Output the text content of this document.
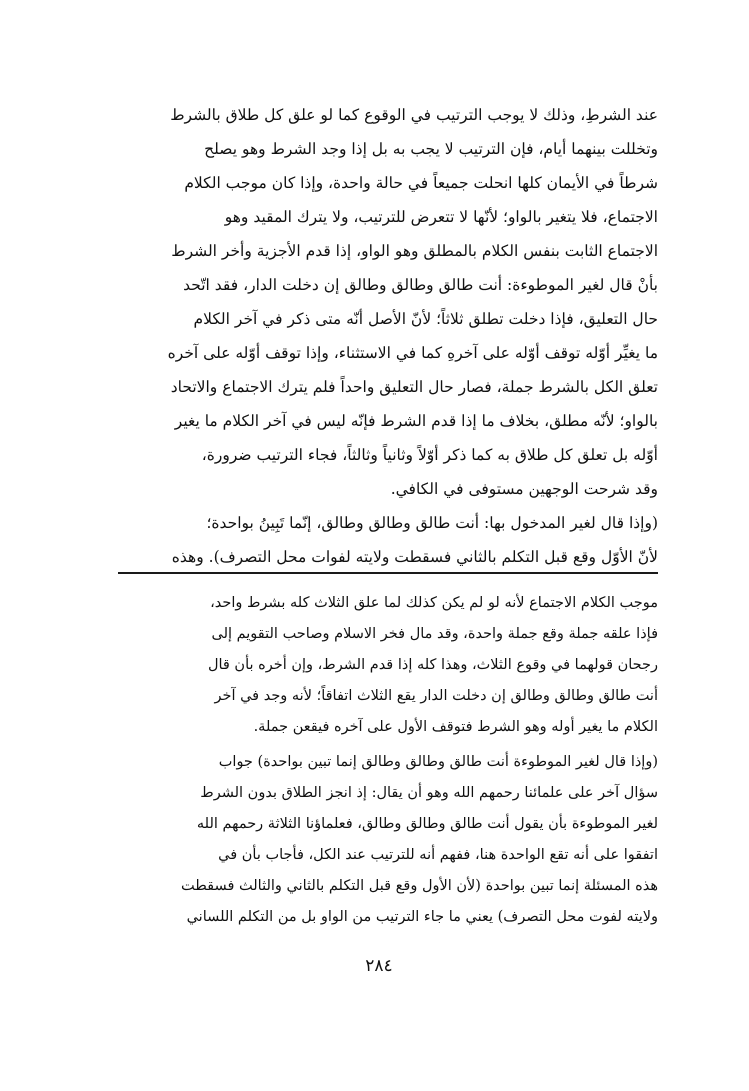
عند الشرطِ، وذلك لا يوجب الترتيب في الوقوع كما لو علق كل طلاق بالشرط
وتخللت بينهما أيام، فإن الترتيب لا يجب به بل إذا وجد الشرط وهو يصلح
شرطاً في الأيمان كلها انحلت جميعاً في حالة واحدة، وإذا كان موجب الكلام
الاجتماع، فلا يتغير بالواو؛ لأنّها لا تتعرض للترتيب، ولا يترك المقيد وهو
الاجتماع الثابت بنفس الكلام بالمطلق وهو الواو، إذا قدم الأجزية وأخر الشرط
بأنْ قال لغير الموطوءة: أنت طالق وطالق وطالق إن دخلت الدار، فقد اتّحد
حال التعليق، فإذا دخلت تطلق ثلاثاً؛ لأنّ الأصل أنّه متى ذكر في آخر الكلام
ما يغيِّر أوّله توقف أوّله على آخرهِ كما في الاستثناء، وإذا توقف أوّله على آخره
تعلق الكل بالشرط جملة، فصار حال التعليق واحداً فلم يترك الاجتماع والاتحاد
بالواو؛ لأنّه مطلق، بخلاف ما إذا قدم الشرط فإنّه ليس في آخر الكلام ما يغير
أوّله بل تعلق كل طلاق به كما ذكر أوّلاً وثانياً وثالثاً، فجاء الترتيب ضرورة،
وقد شرحت الوجهين مستوفى في الكافي.
(وإذا قال لغير المدخول بها: أنت طالق وطالق وطالق، إنّما تَبِينُ بواحدة؛
لأنّ الأوّل وقع قبل التكلم بالثاني فسقطت ولايته لفوات محل التصرف). وهذه
موجب الكلام الاجتماع لأنه لو لم يكن كذلك لما علق الثلاث كله بشرط واحد،
فإذا علقه جملة وقع جملة واحدة، وقد مال فخر الاسلام وصاحب التقويم إلى
رجحان قولهما في وقوع الثلاث، وهذا كله إذا قدم الشرط، وإن أخره بأن قال
أنت طالق وطالق وطالق إن دخلت الدار يقع الثلاث اتفاقاً؛ لأنه وجد في آخر
الكلام ما يغير أوله وهو الشرط فتوقف الأول على آخره فيقعن جملة.
(وإذا قال لغير الموطوءة أنت طالق وطالق وطالق إنما تبين بواحدة) جواب
سؤال آخر على علمائنا رحمهم الله وهو أن يقال: إذ انجز الطلاق بدون الشرط
لغير الموطوءة بأن يقول أنت طالق وطالق وطالق، فعلماؤنا الثلاثة رحمهم الله
اتفقوا على أنه تقع الواحدة هنا، ففهم أنه للترتيب عند الكل، فأجاب بأن في
هذه المسئلة إنما تبين بواحدة (لأن الأول وقع قبل التكلم بالثاني والثالث فسقطت
ولايته لفوت محل التصرف) يعني ما جاء الترتيب من الواو بل من التكلم اللساني
٢٨٤
